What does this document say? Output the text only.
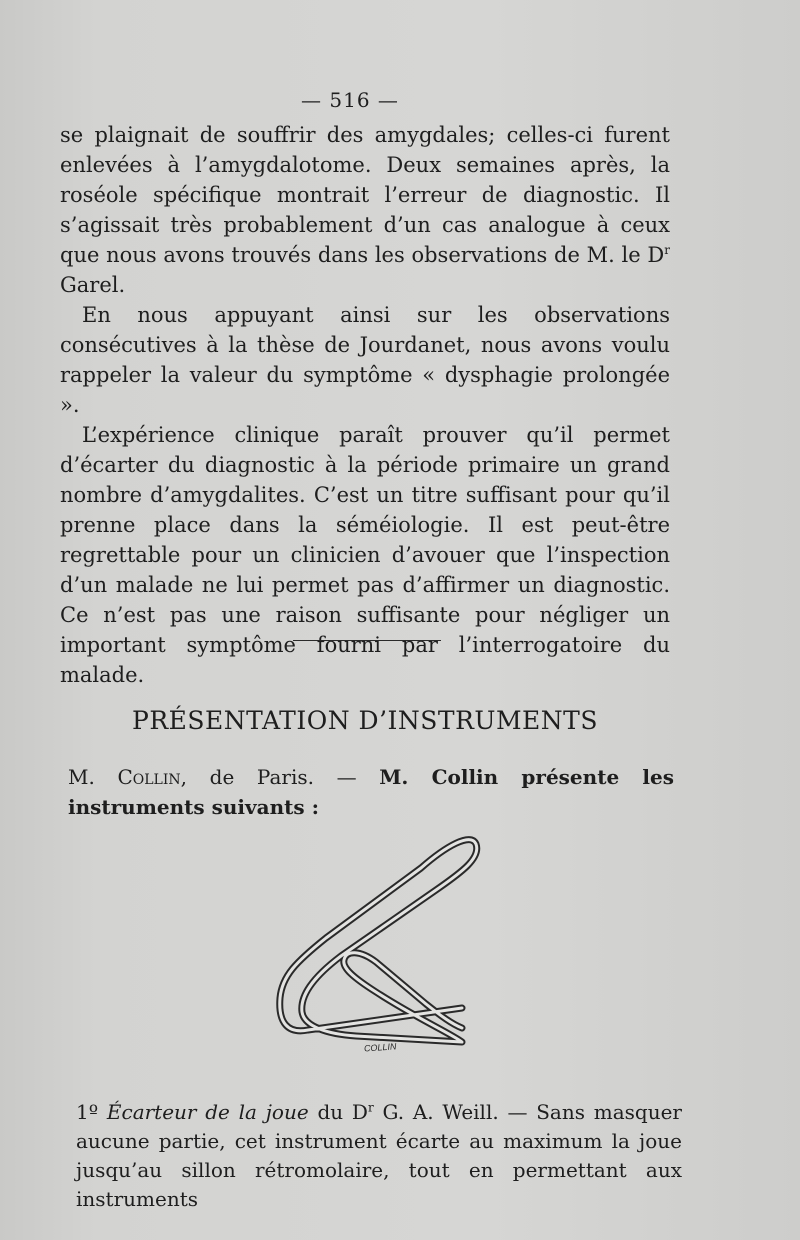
— 516 —

se plaignait de souffrir des amygdales; celles-ci furent enlevées à l’amygdalotome. Deux semaines après, la roséole spécifique montrait l’erreur de diagnostic. Il s’agissait très probablement d’un cas analogue à ceux que nous avons trouvés dans les observations de M. le $D^r$ Garel.

En nous appuyant ainsi sur les observations consécutives à la thèse de Jourdanet, nous avons voulu rappeler la valeur du symptôme « dysphagie prolongée ».

L’expérience clinique paraît prouver qu’il permet d’écarter du diagnostic à la période primaire un grand nombre d’amygdalites. C’est un titre suffisant pour qu’il prenne place dans la séméiologie. Il est peut-être regrettable pour un clinicien d’avouer que l’inspection d’un malade ne lui permet pas d’affirmer un diagnostic. Ce n’est pas une raison suffisante pour négliger un important symptôme fourni par l’interrogatoire du malade.

PRÉSENTATION D’INSTRUMENTS
M. Collin, de Paris. — M. Collin présente les instruments suivants :
COLLIN
1º Écarteur de la joue du $D^r$ G. A. Weill. — Sans masquer aucune partie, cet instrument écarte au maximum la joue jusqu’au sillon rétromolaire, tout en permettant aux instruments
